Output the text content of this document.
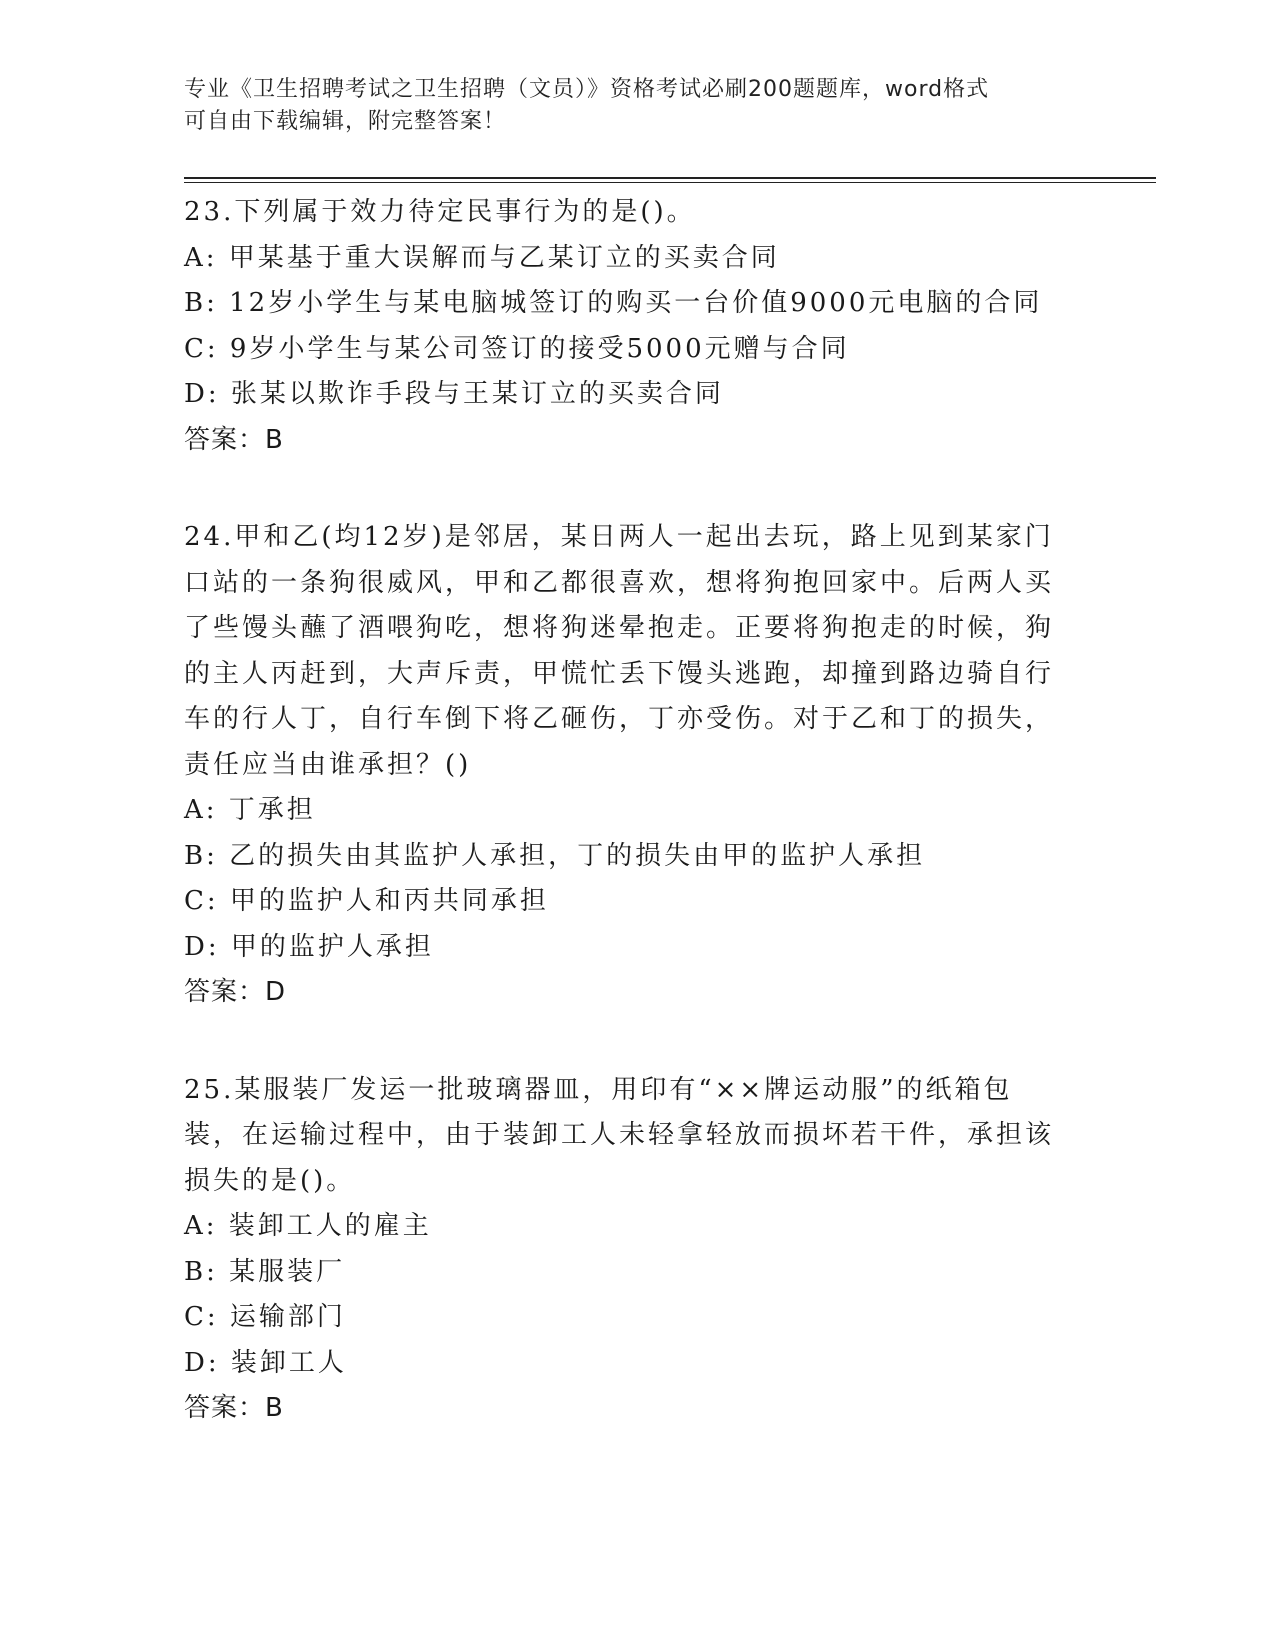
专业《卫生招聘考试之卫生招聘（文员）》资格考试必刷200题题库，word格式
可自由下载编辑，附完整答案！
23.下列属于效力待定民事行为的是()。
A: 甲某基于重大误解而与乙某订立的买卖合同
B: 12岁小学生与某电脑城签订的购买一台价值9000元电脑的合同
C: 9岁小学生与某公司签订的接受5000元赠与合同
D: 张某以欺诈手段与王某订立的买卖合同
答案：B
24.甲和乙(均12岁)是邻居，某日两人一起出去玩，路上见到某家门口站的一条狗很威风，甲和乙都很喜欢，想将狗抱回家中。后两人买了些馒头蘸了酒喂狗吃，想将狗迷晕抱走。正要将狗抱走的时候，狗的主人丙赶到，大声斥责，甲慌忙丢下馒头逃跑，却撞到路边骑自行车的行人丁，自行车倒下将乙砸伤，丁亦受伤。对于乙和丁的损失，责任应当由谁承担？()
A: 丁承担
B: 乙的损失由其监护人承担，丁的损失由甲的监护人承担
C: 甲的监护人和丙共同承担
D: 甲的监护人承担
答案：D
25.某服装厂发运一批玻璃器皿，用印有“××牌运动服”的纸箱包装，在运输过程中，由于装卸工人未轻拿轻放而损坏若干件，承担该损失的是()。
A: 装卸工人的雇主
B: 某服装厂
C: 运输部门
D: 装卸工人
答案：B
